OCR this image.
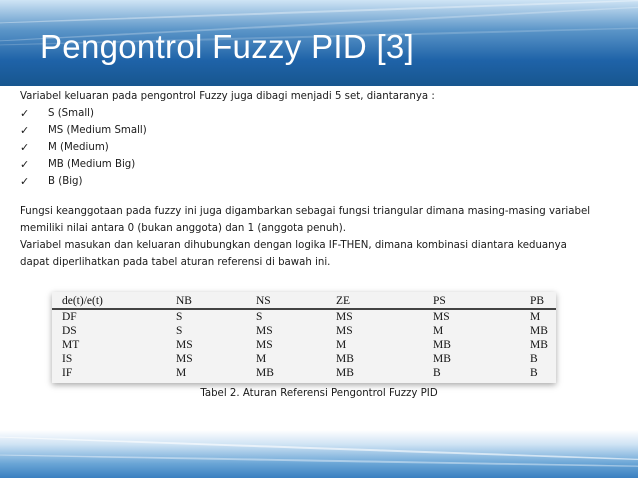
Pengontrol Fuzzy PID [3]

Variabel keluaran pada pengontrol Fuzzy juga dibagi menjadi 5 set, diantaranya :

✓ S (Small)
✓ MS (Medium Small)
✓ M (Medium)
✓ MB (Medium Big)
✓ B (Big)

Fungsi keanggotaan pada fuzzy ini juga digambarkan sebagai fungsi triangular dimana masing-masing variabel
memiliki nilai antara 0 (bukan anggota) dan 1 (anggota penuh).

Variabel masukan dan keluaran dihubungkan dengan logika IF-THEN, dimana kombinasi diantara keduanya
dapat diperlihatkan pada tabel aturan referensi di bawah ini.

de(t)/e(t)	NB	NS	ZE	PS	PB
DF	S	S	MS	MS	M
DS	S	MS	MS	M	MB
MT	MS	MS	M	MB	MB
IS	MS	M	MB	MB	B
IF	M	MB	MB	B	B
Tabel 2. Aturan Referensi Pengontrol Fuzzy PID
